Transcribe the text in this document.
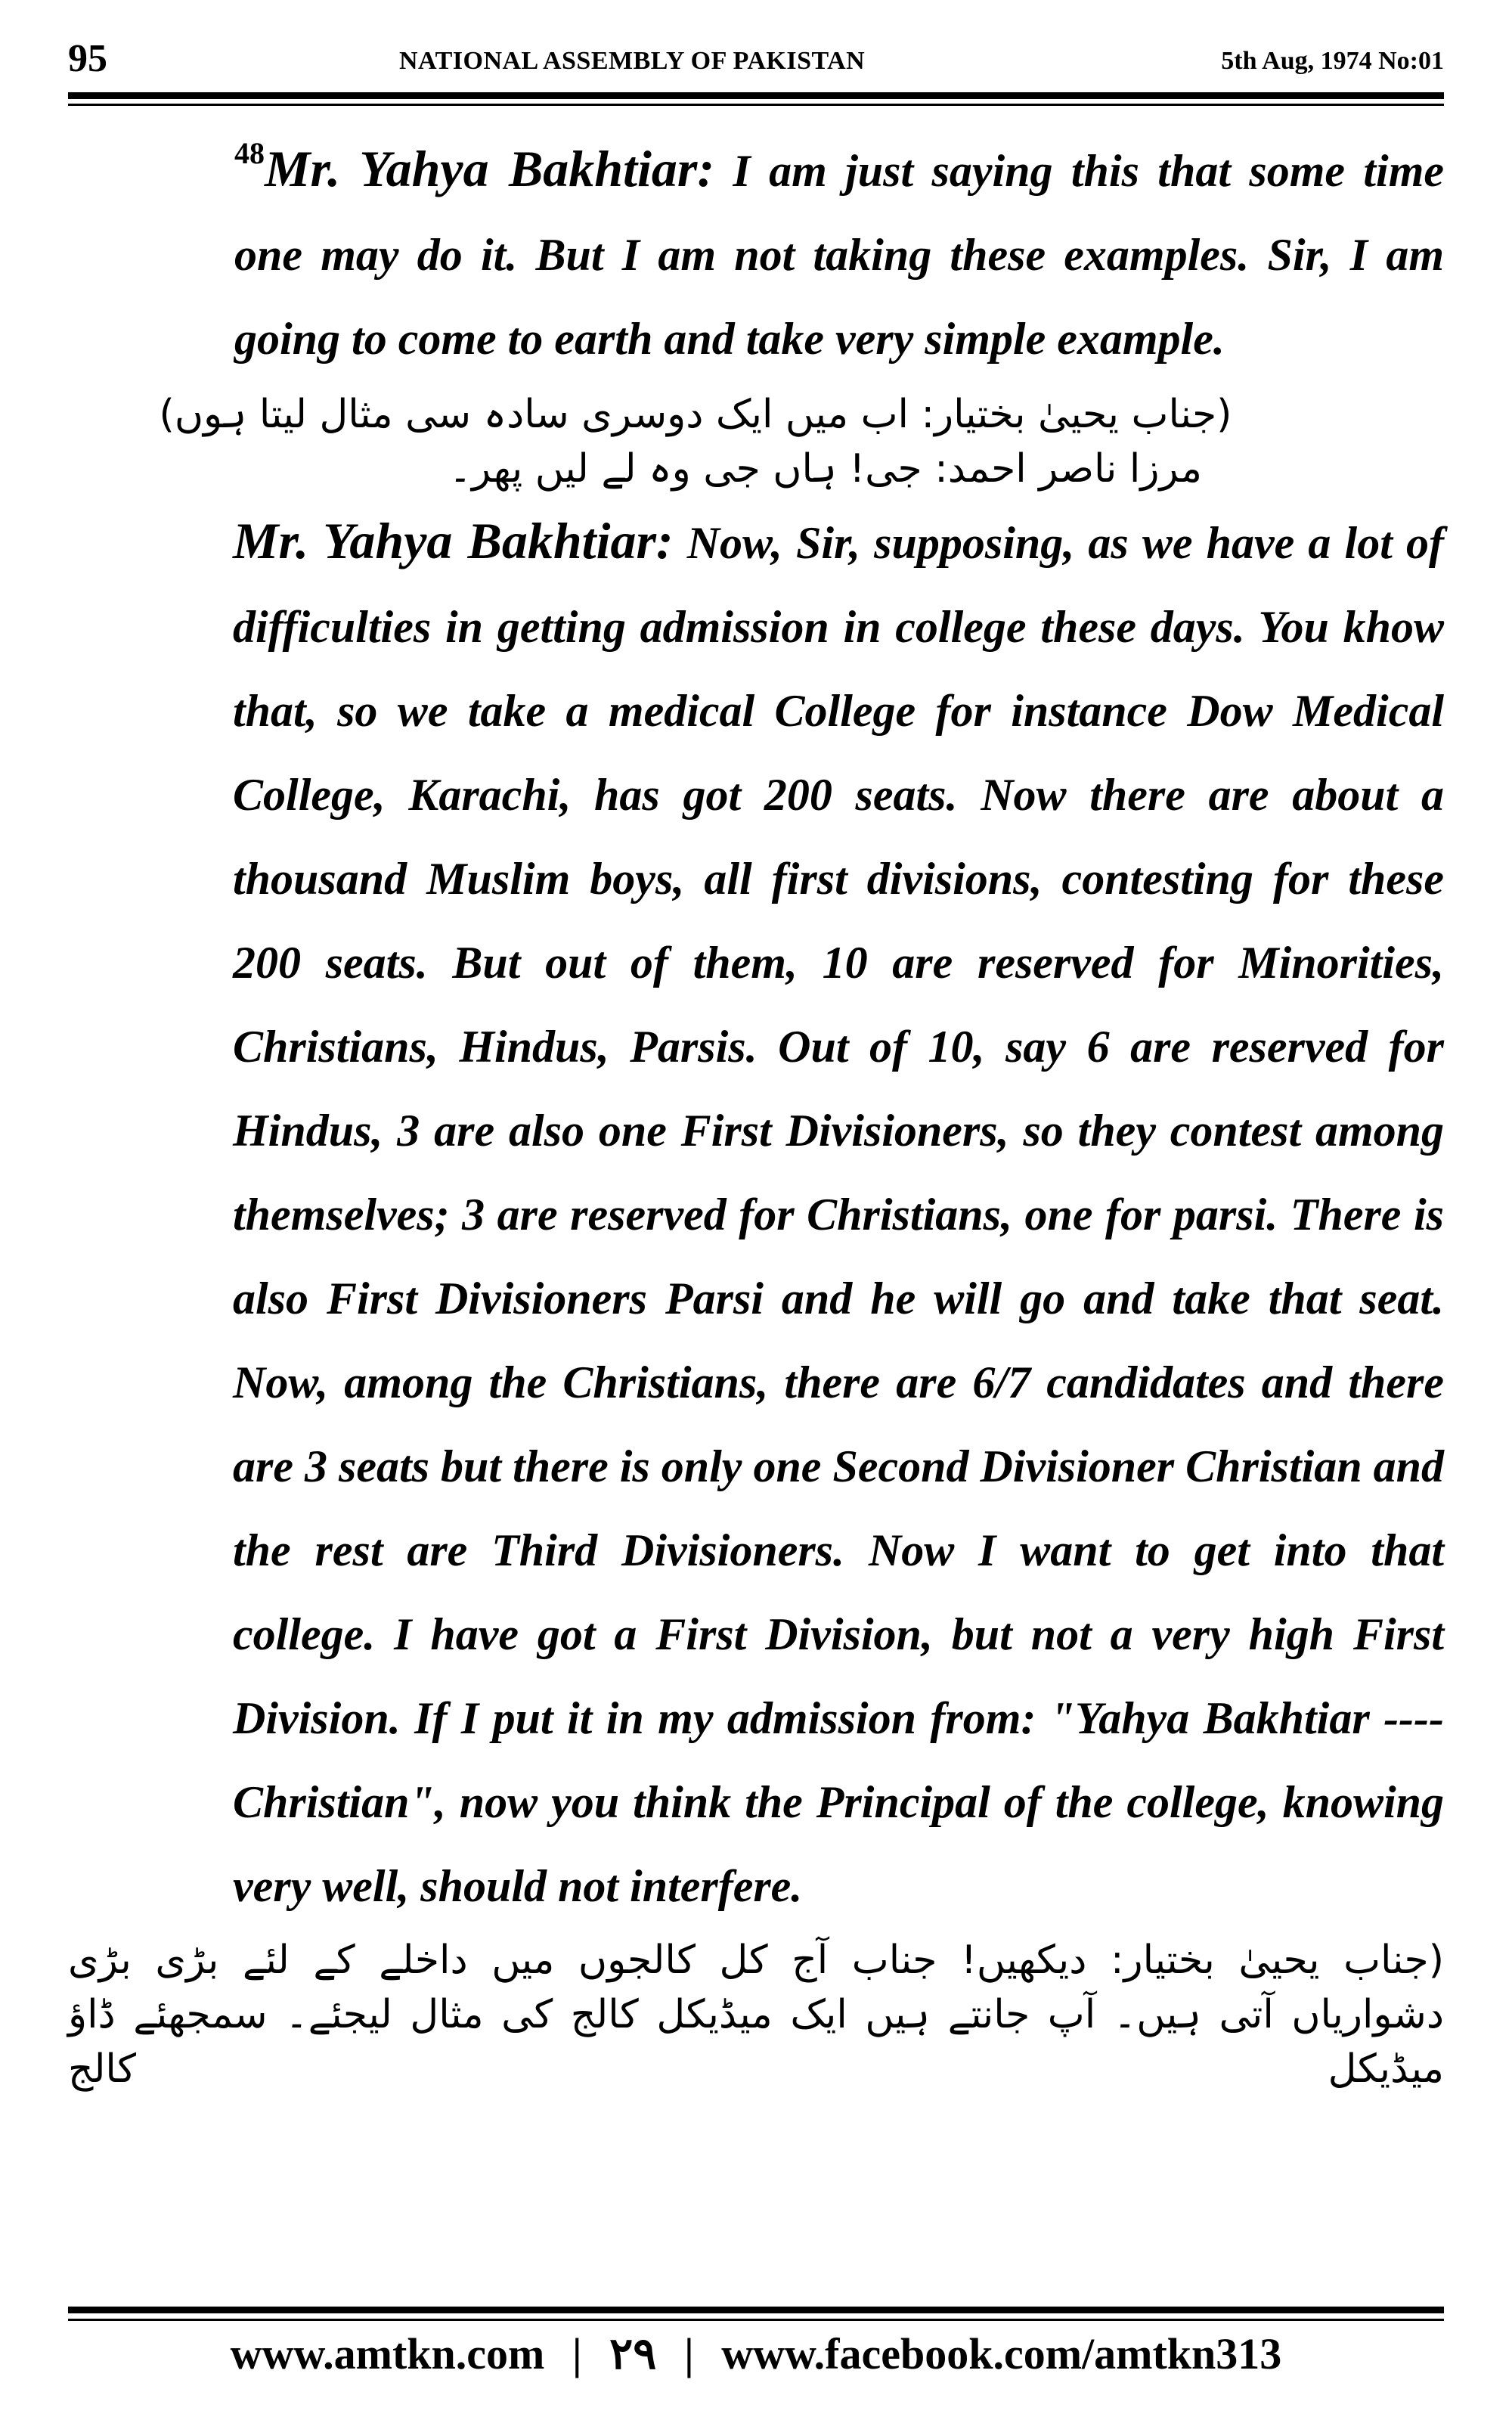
95	NATIONAL ASSEMBLY OF PAKISTAN	5th Aug, 1974 No:01

$^{48}$Mr. Yahya Bakhtiar: I am just saying this that some time one may do it. But I am not taking these examples. Sir, I am going to come to earth and take very simple example.

(جناب یحییٰ بختیار: اب میں ایک دوسری سادہ سی مثال لیتا ہوں)

مرزا ناصر احمد: جی! ہاں جی وہ لے لیں پھر۔

Mr. Yahya Bakhtiar: Now, Sir, supposing, as we have a lot of difficulties in getting admission in college these days. You khow that, so we take a medical College for instance Dow Medical College, Karachi, has got 200 seats. Now there are about a thousand Muslim boys, all first divisions, contesting for these 200 seats. But out of them, 10 are reserved for Minorities, Christians, Hindus, Parsis. Out of 10, say 6 are reserved for Hindus, 3 are also one First Divisioners, so they contest among themselves; 3 are reserved for Christians, one for parsi. There is also First Divisioners Parsi and he will go and take that seat. Now, among the Christians, there are 6/7 candidates and there are 3 seats but there is only one Second Divisioner Christian and the rest are Third Divisioners. Now I want to get into that college. I have got a First Division, but not a very high First Division. If I put it in my admission from: "Yahya Bakhtiar ---- Christian", now you think the Principal of the college, knowing very well, should not interfere.

(جناب یحییٰ بختیار: دیکھیں! جناب آج کل کالجوں میں داخلے کے لئے بڑی بڑی دشواریاں آتی ہیں۔ آپ جانتے ہیں ایک میڈیکل کالج کی مثال لیجئے۔ سمجھئے ڈاؤ میڈیکل کالج

www.amtkn.com | ۲۹ | www.facebook.com/amtkn313
